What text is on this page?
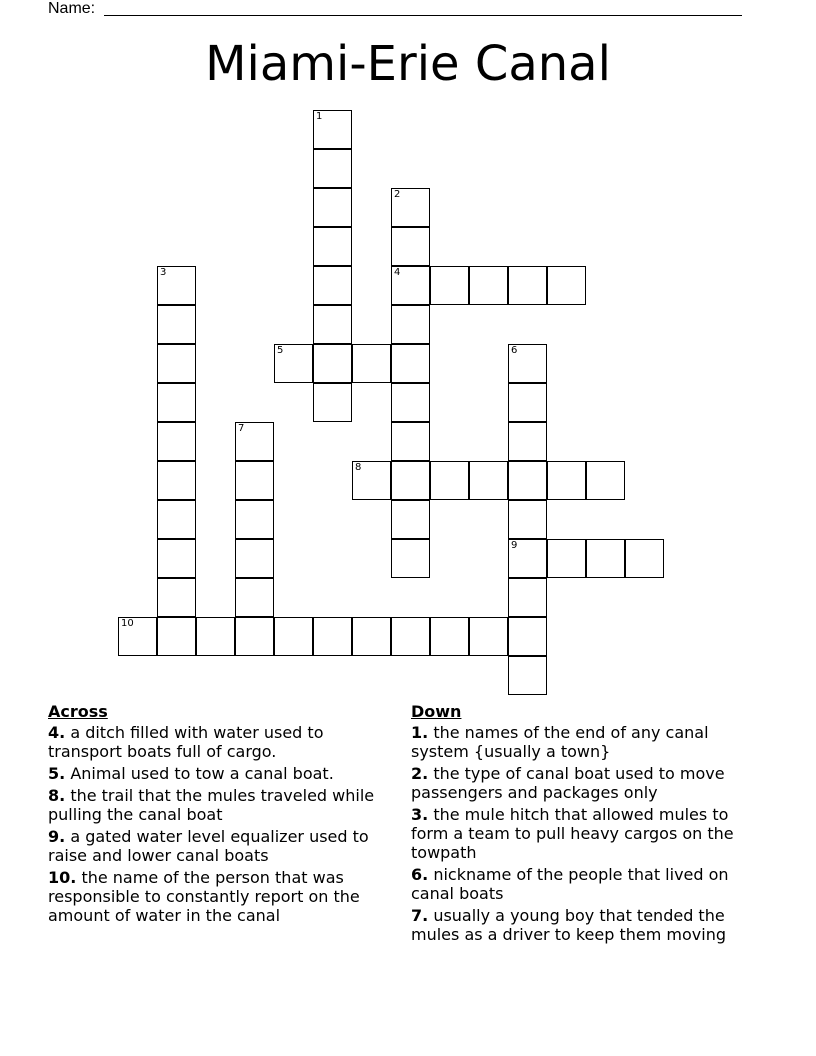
Name:
Miami-Erie Canal
1
2
4
3
5	6
9
7
8
10
Across
4. a ditch filled with water used to transport boats full of cargo.
5. Animal used to tow a canal boat.
8. the trail that the mules traveled while pulling the canal boat
9. a gated water level equalizer used to raise and lower canal boats
10. the name of the person that was responsible to constantly report on the amount of water in the canal
Down
1. the names of the end of any canal system {usually a town}
2. the type of canal boat used to move passengers and packages only
3. the mule hitch that allowed mules to form a team to pull heavy cargos on the towpath
6. nickname of the people that lived on canal boats
7. usually a young boy that tended the mules as a driver to keep them moving
